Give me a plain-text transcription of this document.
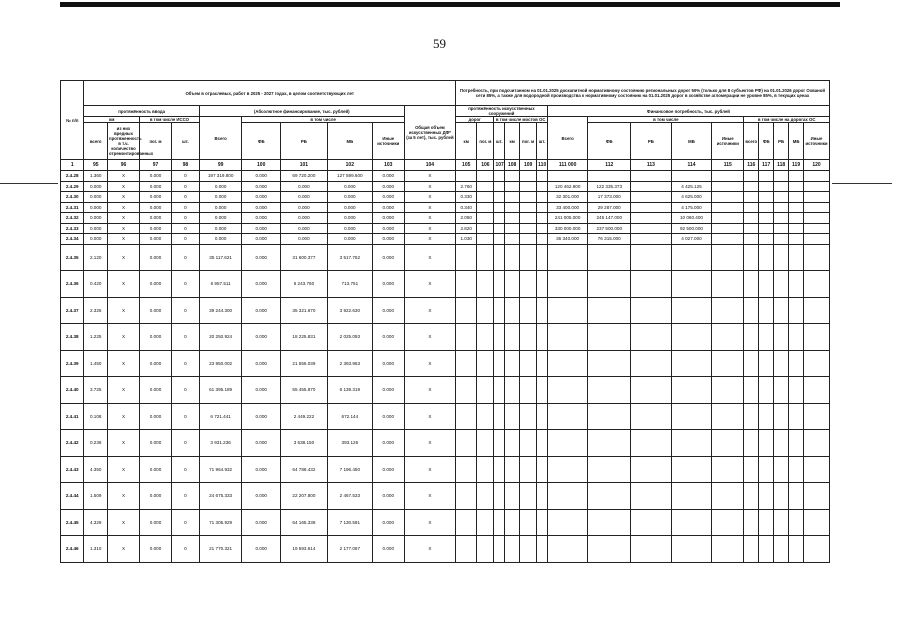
59
№ п/п	Объем в отраслевых, работ в 2025 - 2027 годах, в целом соответствующих лет										Потребность, при подсчитанном на 01.01.2025 доскапитной нормативному состоянию региональных дорог 50% (только для 8 субъектов РФ) на 01.01.2026 дорог Охваной сети 85%, а также для водородной производства к нормативному состоянию на 01.01.2025 дорог в хозяйстве агломерации не уровне 85%, в текущих ценах															
	протяжённость ввода				(Абсолютное финансирование, тыс. рублей)					Общая объем искусственных ДФ* (за 5 лет), тыс. рублей	протяжённость искусственных сооружений						Финансовое потребность, тыс. рублей									
	км		в том числе ИССО		Всего	в том числе					дорог		в том числе мостов ОС				Всего	в том числе				в том числе на дорогах ОС				
	всего	из них вредных протяженность в т.ч. количество отремонтированных	пог. м	шт.		ФБ	РБ	МБ	Иные источники		км	пог. м	шт.	км	пог. м	шт.		ФБ	РБ	МБ	Иные источники	всего	ФБ	РБ	МБ	Иные источники
1	95	96	97	98	99	100	101	102	103	104	105	106	107	108	109	110	111 000	112	113	114	115	116	117	118	119	120
2.4.28	1.360	X	0.000	0	197 319.800	0.000	69 720.200	127 599.600	0.000	X																
2.4.29	0.000	X	0.000	0	0.000	0.000	0.000	0.000	0.000	X	2.760						120 462.900	122 335.373		4 425.125						
2.4.30	0.000	X	0.000	0	0.000	0.000	0.000	0.000	0.000	X	0.330						32 301.000	17 373.000		4 625.000						
2.4.31	0.000	X	0.000	0	0.000	0.000	0.000	0.000	0.000	X	0.340						33 400.000	29 287.000		4 175.000						
2.4.32	0.000	X	0.000	0	0.000	0.000	0.000	0.000	0.000	X	2.050						241 005.000	245 147.000		10 060.400						
2.4.33	0.000	X	0.000	0	0.000	0.000	0.000	0.000	0.000	X	2.820						330 000.000	237 500.000		92 500.000						
2.4.34	0.000	X	0.000	0	0.000	0.000	0.000	0.000	0.000	X	1.030						36 340.000	76 315.000		4 027.000						
2.4.35	2.120	X	0.000	0	35 117.621	0.000	31 600.377	3 517.752	0.000	X																
2.4.36	0.420	X	0.000	0	6 957.511	0.000	6 243.760	713.751	0.000	X																
2.4.37	2.325	X	0.000	0	39 244.300	0.000	35 321.670	3 922.630	0.000	X																
2.4.38	1.225	X	0.000	0	20 250.924	0.000	18 225.831	2 025.093	0.000	X																
2.4.39	1.450	X	0.000	0	23 950.002	0.000	21 556.039	2 393.963	0.000	X																
2.4.40	3.725	X	0.000	0	61 395.189	0.000	55 455.870	6 139.319	0.000	X																
2.4.41	0.108	X	0.000	0	6 721.441	0.000	2 449.222	672.144	0.000	X																
2.4.42	0.236	X	0.000	0	3 931.236	0.000	3 538.150	393.126	0.000	X																
2.4.43	4.350	X	0.000	0	71 964.932	0.000	64 788.432	7 196.450	0.000	X																
2.4.44	1.509	X	0.000	0	24 675.333	0.000	22 207.800	2 467.533	0.000	X																
2.4.45	4.329	X	0.000	0	71 305.929	0.000	64 165.338	7 130.591	0.000	X																
2.4.46	1.310	X	0.000	0	21 770.321	0.000	19 593.614	2 177.067	0.000	X																
